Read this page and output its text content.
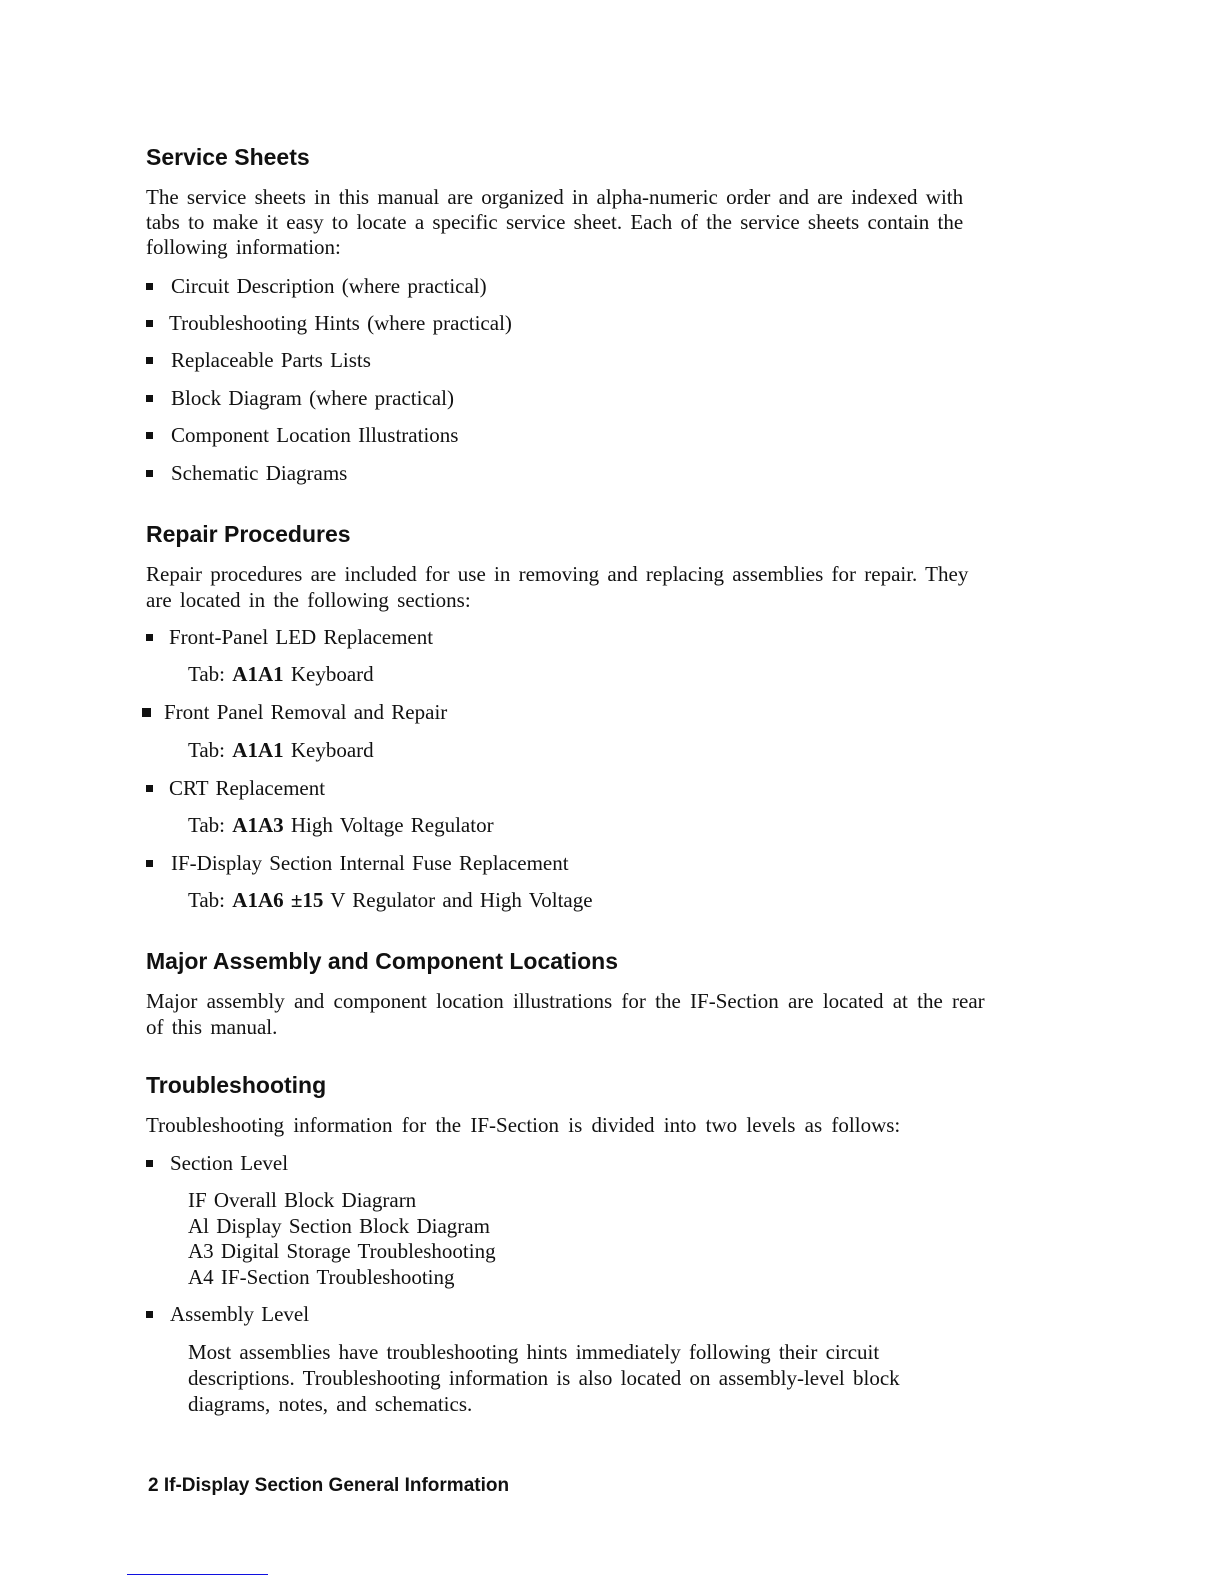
Service Sheets
The service sheets in this manual are organized in alpha-numeric order and are indexed with
tabs to make it easy to locate a specific service sheet. Each of the service sheets contain the
following information:
Circuit Description (where practical)
Troubleshooting Hints (where practical)
Replaceable Parts Lists
Block Diagram (where practical)
Component Location Illustrations
Schematic Diagrams
Repair Procedures
Repair procedures are included for use in removing and replacing assemblies for repair. They
are located in the following sections:
Front-Panel LED Replacement
Tab: A1A1 Keyboard
Front Panel Removal and Repair
Tab: A1A1 Keyboard
CRT Replacement
Tab: A1A3 High Voltage Regulator
IF-Display Section Internal Fuse Replacement
Tab: A1A6 ±15 V Regulator and High Voltage
Major Assembly and Component Locations
Major assembly and component location illustrations for the IF-Section are located at the rear
of this manual.
Troubleshooting
Troubleshooting information for the IF-Section is divided into two levels as follows:
Section Level
IF Overall Block Diagrarn
Al Display Section Block Diagram
A3 Digital Storage Troubleshooting
A4 IF-Section Troubleshooting
Assembly Level
Most assemblies have troubleshooting hints immediately following their circuit
descriptions. Troubleshooting information is also located on assembly-level block
diagrams, notes, and schematics.
2 If-Display Section General Information
